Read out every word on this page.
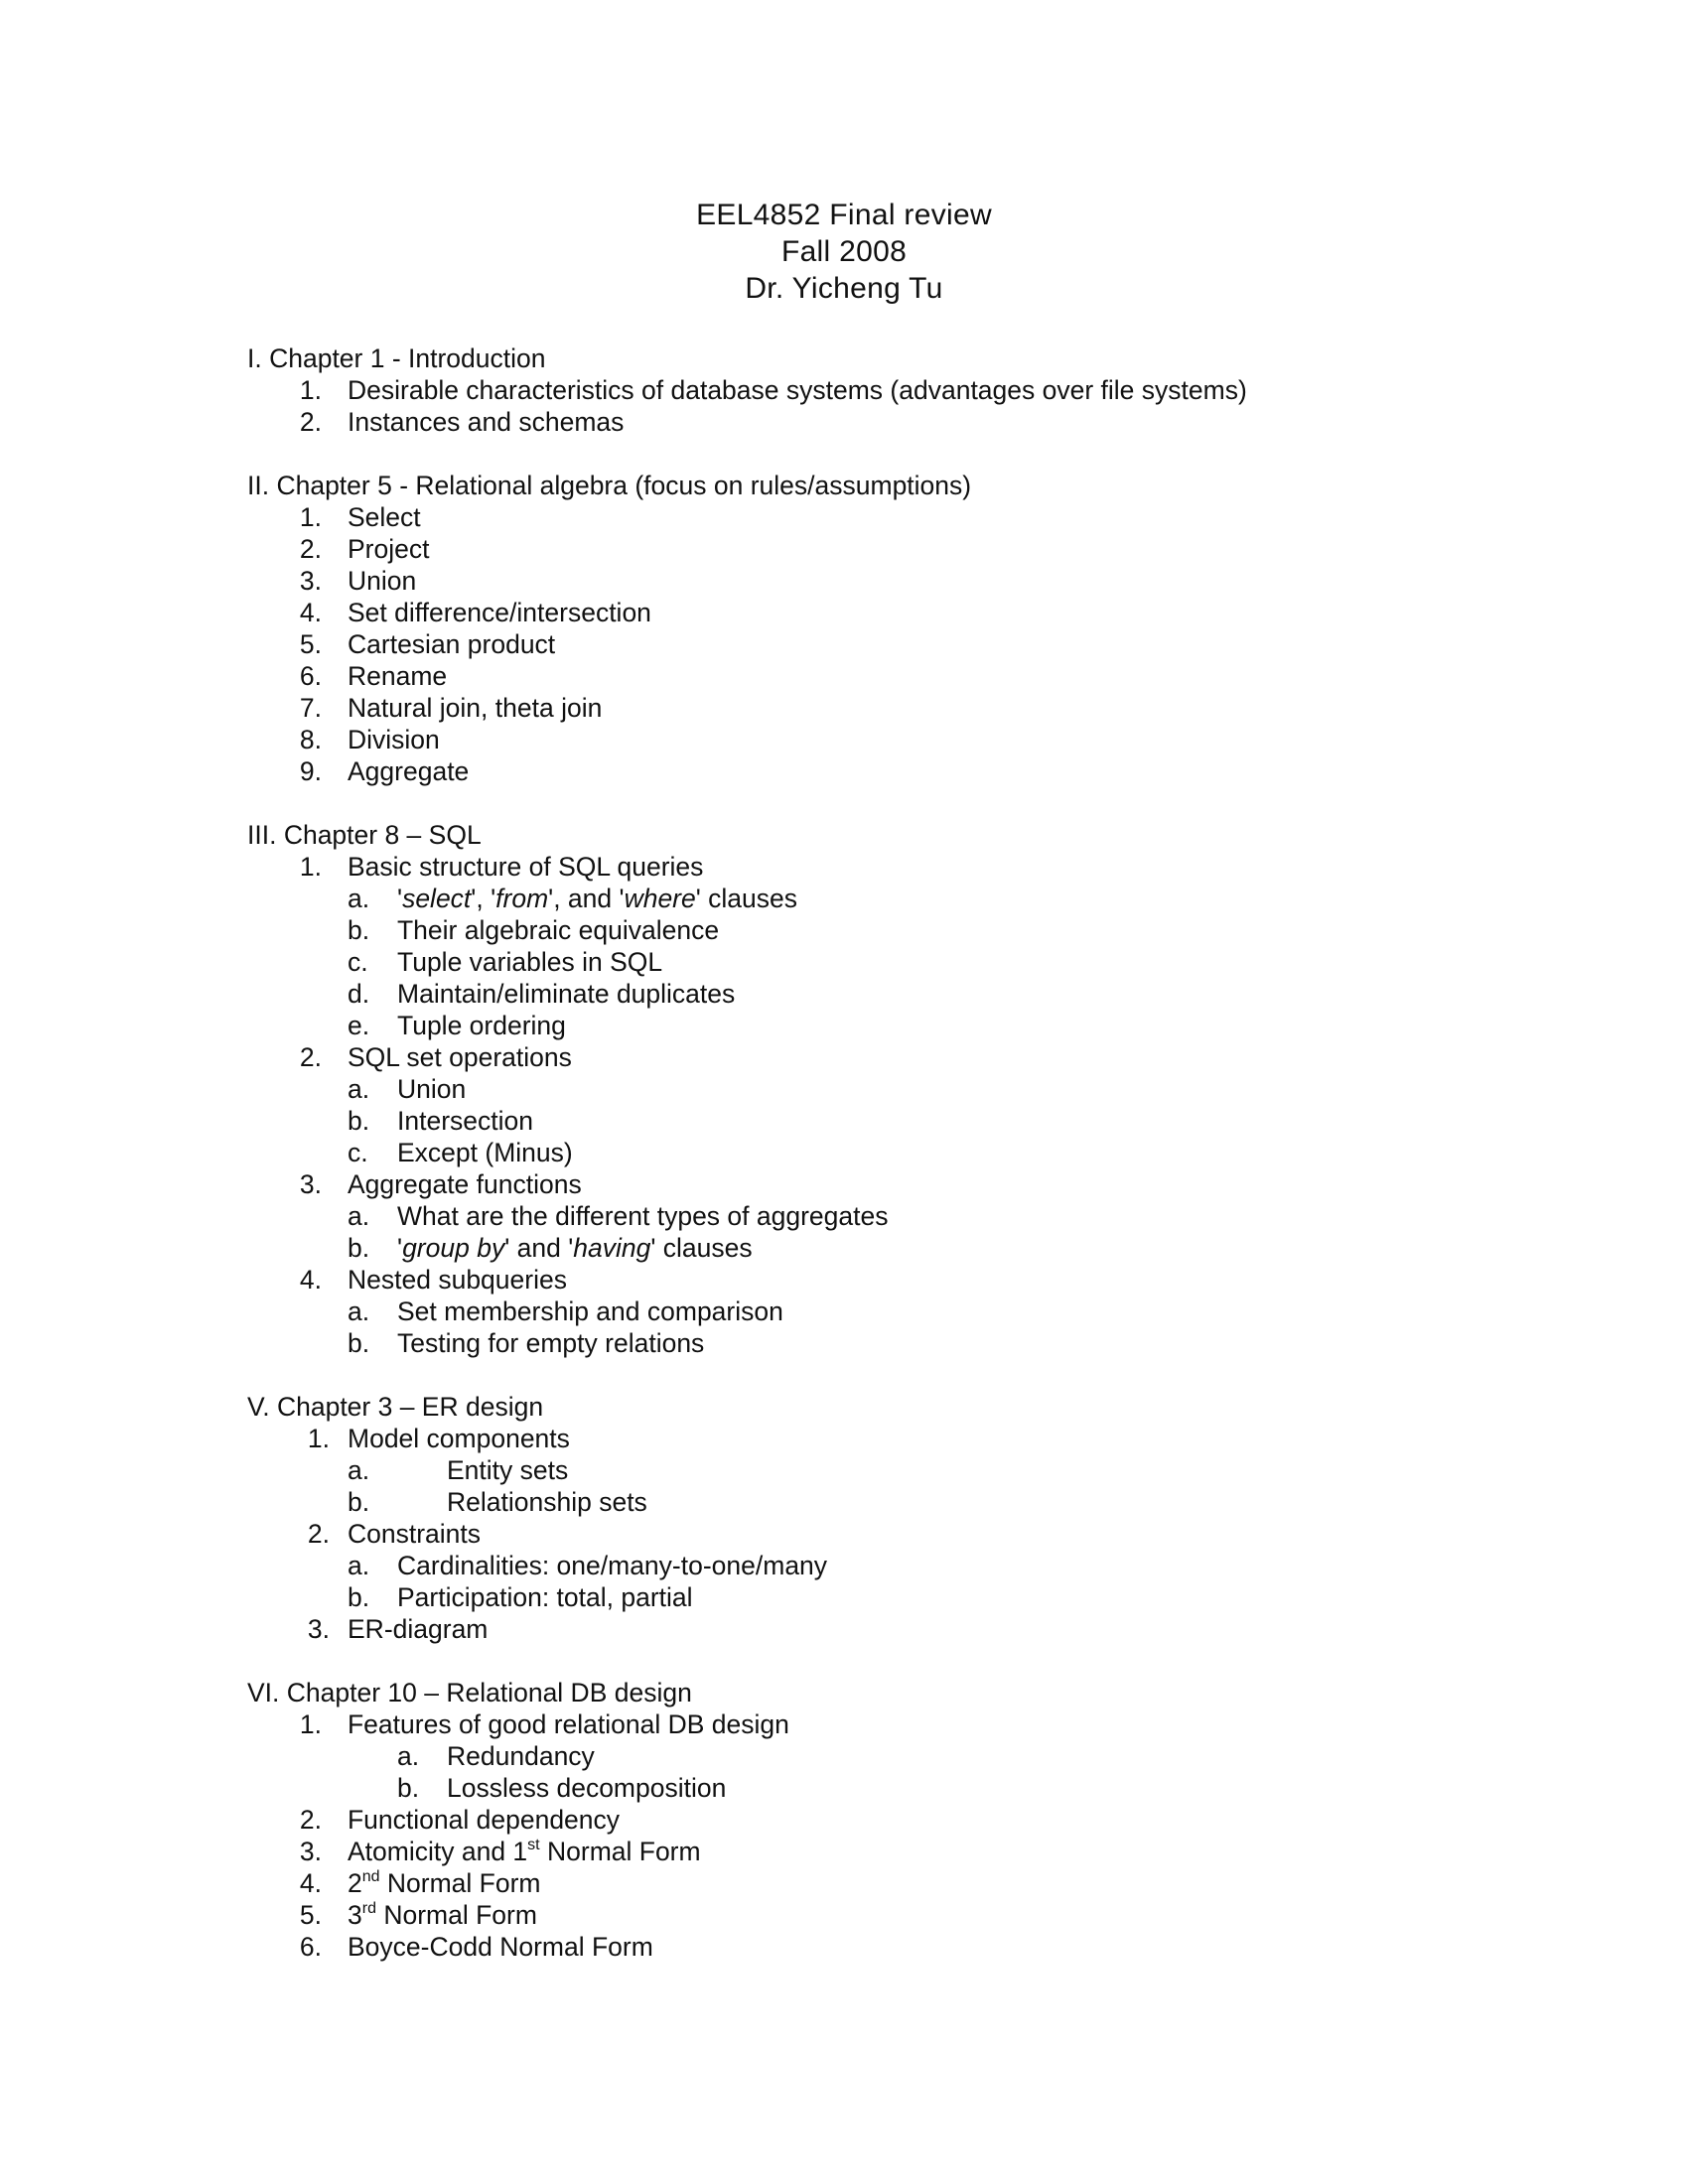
EEL4852 Final review
Fall 2008
Dr. Yicheng Tu
I. Chapter 1 - Introduction
1. Desirable characteristics of database systems (advantages over file systems)
2. Instances and schemas
II. Chapter 5 - Relational algebra (focus on rules/assumptions)
1. Select
2. Project
3. Union
4. Set difference/intersection
5. Cartesian product
6. Rename
7. Natural join, theta join
8. Division
9. Aggregate
III. Chapter 8 – SQL
1. Basic structure of SQL queries
a. 'select', 'from', and 'where' clauses
b. Their algebraic equivalence
c. Tuple variables in SQL
d. Maintain/eliminate duplicates
e. Tuple ordering
2. SQL set operations
a. Union
b. Intersection
c. Except (Minus)
3. Aggregate functions
a. What are the different types of aggregates
b. 'group by' and 'having' clauses
4. Nested subqueries
a. Set membership and comparison
b. Testing for empty relations
V. Chapter 3 – ER design
1. Model components
a.	Entity sets
b.	Relationship sets
2. Constraints
a. Cardinalities: one/many-to-one/many
b. Participation: total, partial
3. ER-diagram
VI. Chapter 10 – Relational DB design
1. Features of good relational DB design
a. Redundancy
b. Lossless decomposition
2. Functional dependency
3. Atomicity and 1st Normal Form
4. 2nd Normal Form
5. 3rd Normal Form
6. Boyce-Codd Normal Form
